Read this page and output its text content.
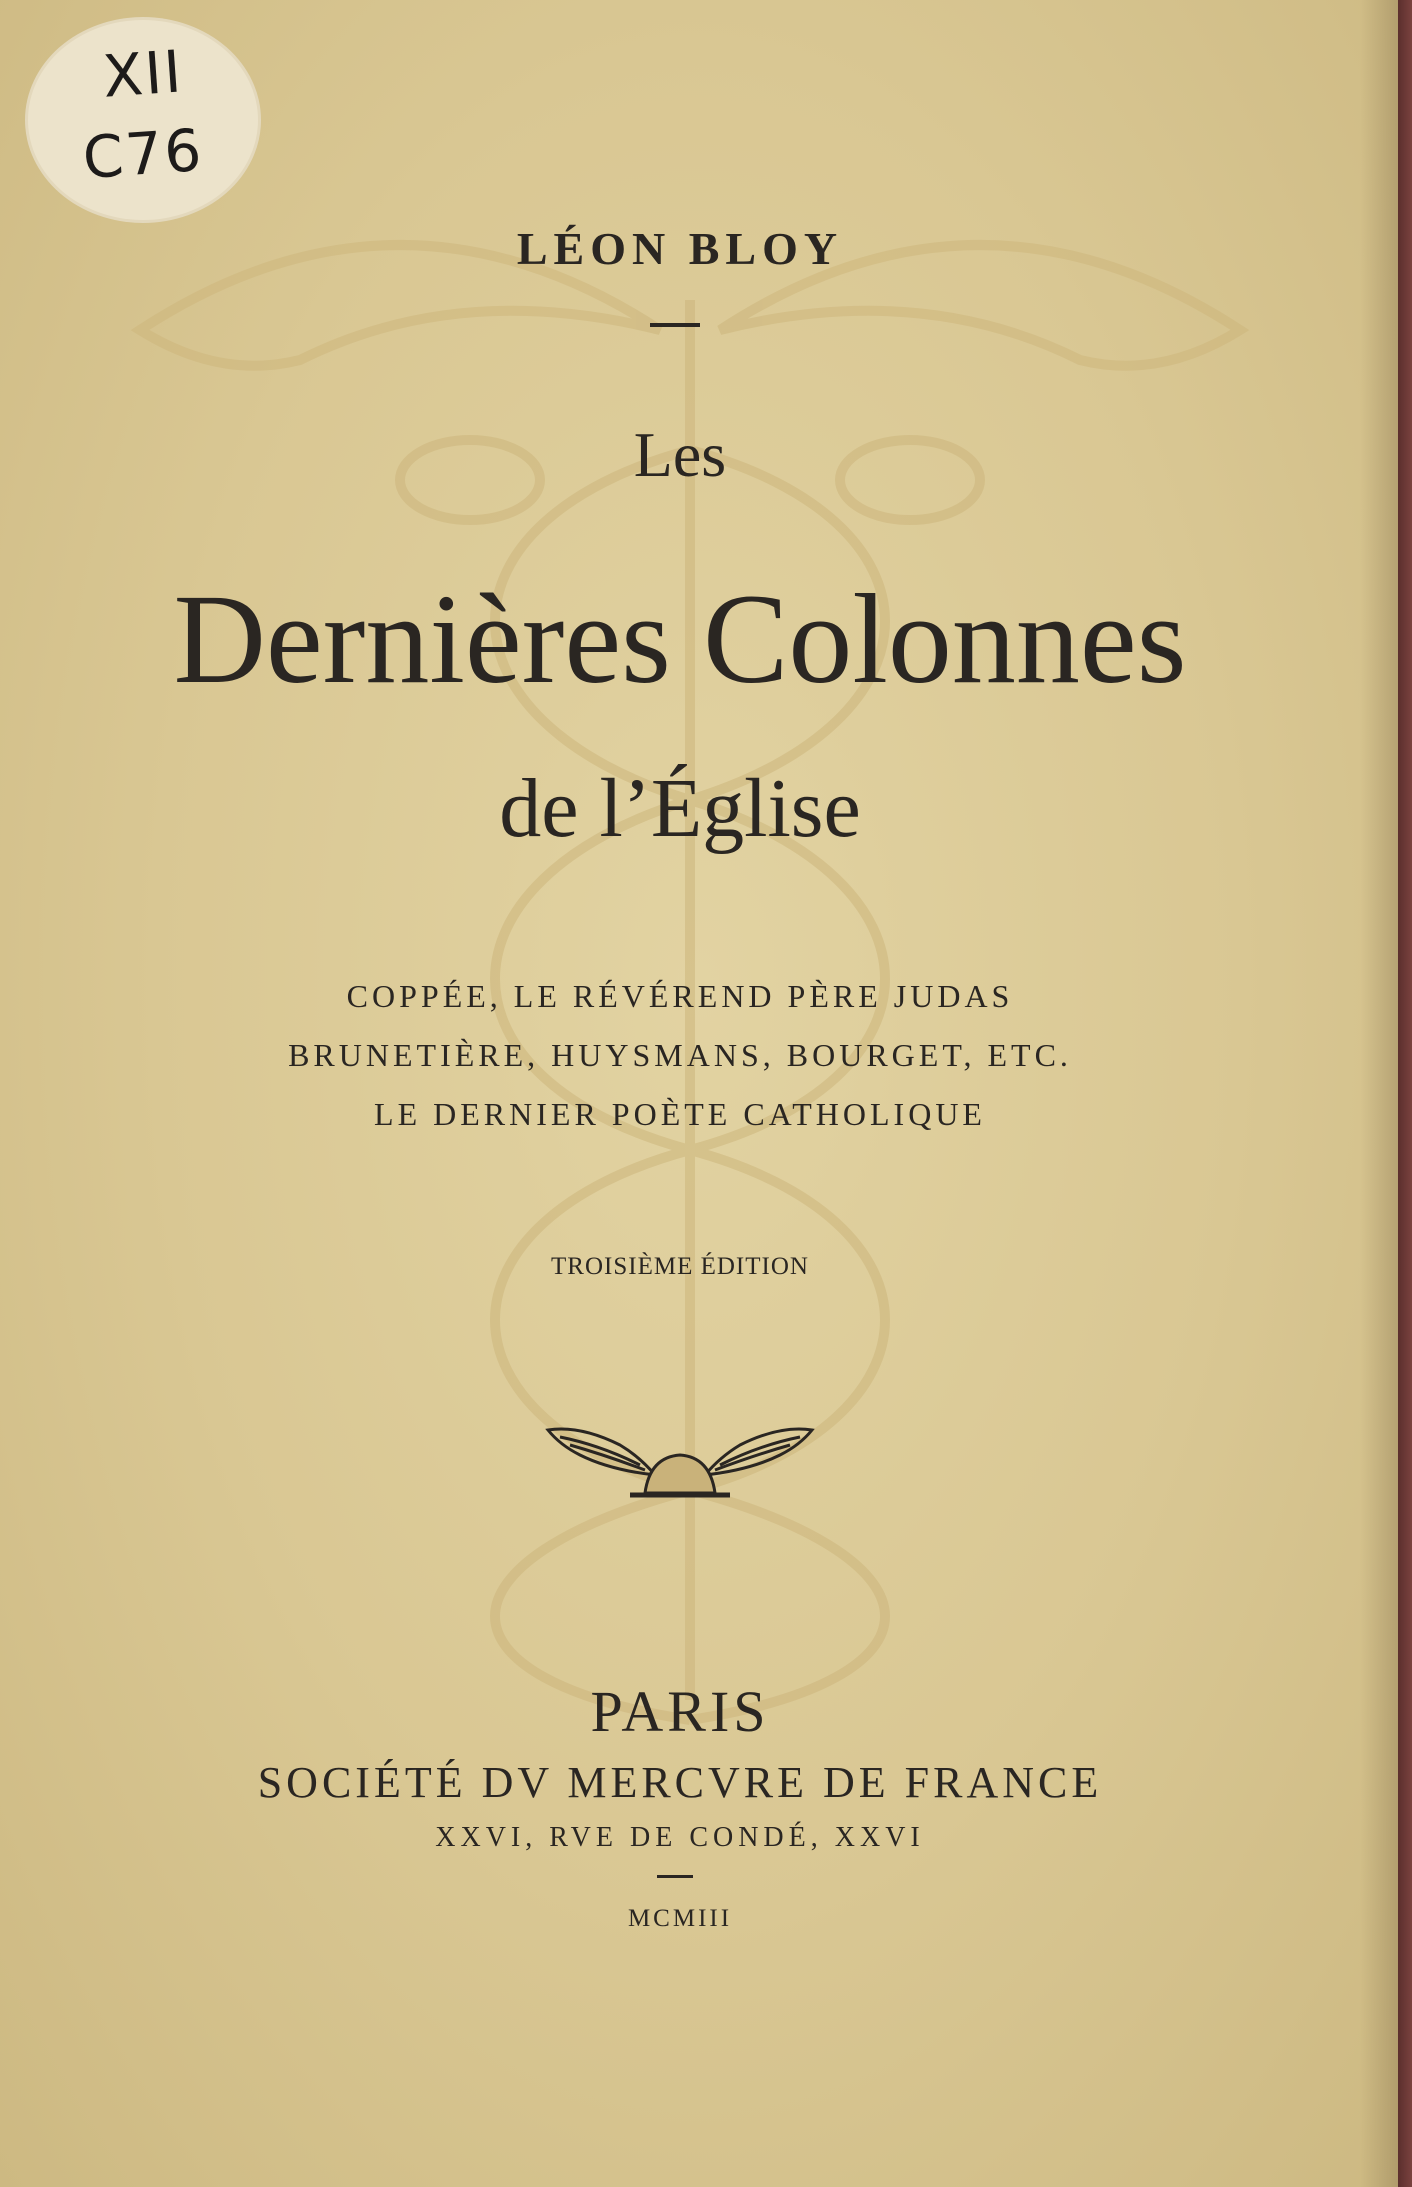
XII
C76
LÉON BLOY
Les
Dernières Colonnes
de l’Église
COPPÉE, LE RÉVÉREND PÈRE JUDAS
BRUNETIÈRE, HUYSMANS, BOURGET, ETC.
LE DERNIER POÈTE CATHOLIQUE
TROISIÈME ÉDITION
PARIS
SOCIÉTÉ DV MERCVRE DE FRANCE
XXVI, RVE DE CONDÉ, XXVI
MCMIII
